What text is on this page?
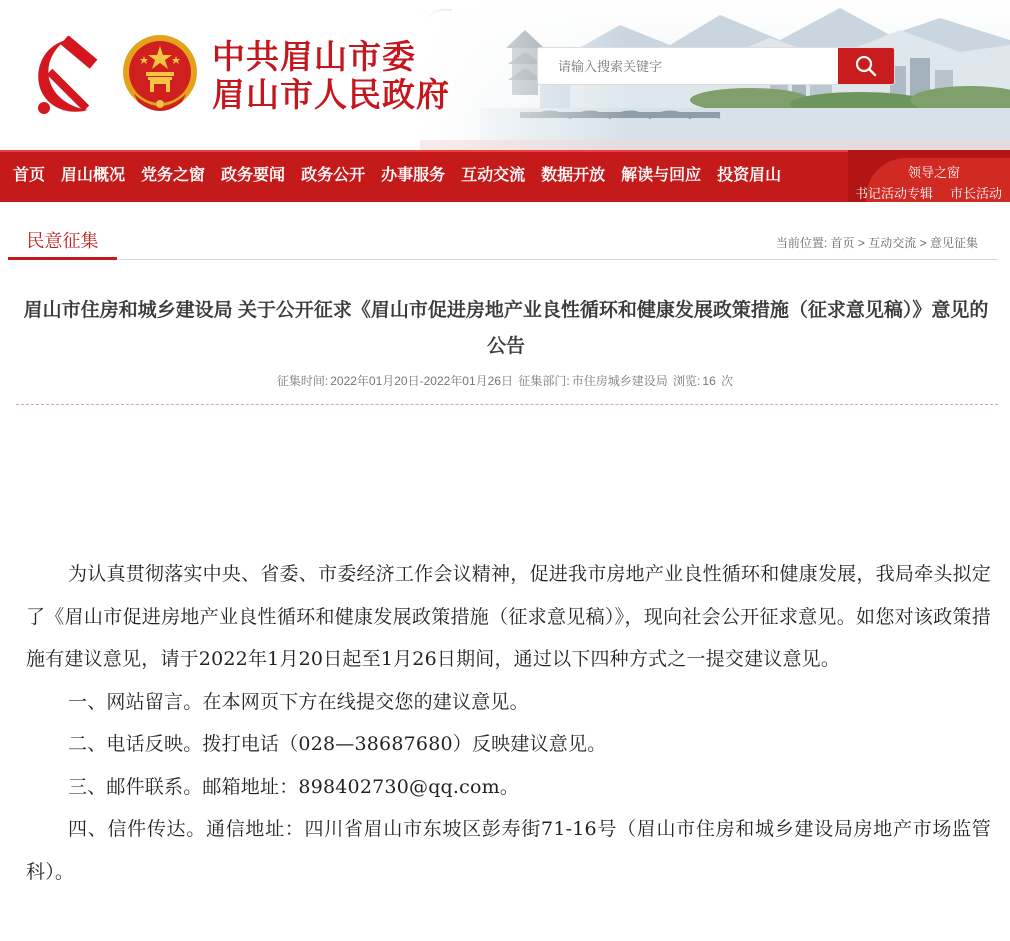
中共眉山市委
眉山市人民政府
请输入搜索关键字
首页	眉山概况	党务之窗	政务要闻	政务公开	办事服务	互动交流	数据开放	解读与回应	投资眉山	领导之窗
书记活动专辑 市长活动
民意征集	当前位置: 首页 > 互动交流 > 意见征集
眉山市住房和城乡建设局 关于公开征求《眉山市促进房地产业良性循环和健康发展政策措施（征求意见稿）》意见的公告
征集时间: 2022年01月20日-2022年01月26日 征集部门: 市住房城乡建设局 浏览: 16 次

为认真贯彻落实中央、省委、市委经济工作会议精神，促进我市房地产业良性循环和健康发展，我局牵头拟定了《眉山市促进房地产业良性循环和健康发展政策措施（征求意见稿）》，现向社会公开征求意见。如您对该政策措施有建议意见，请于2022年1月20日起至1月26日期间，通过以下四种方式之一提交建议意见。

一、网站留言。在本网页下方在线提交您的建议意见。

二、电话反映。拨打电话（028—38687680）反映建议意见。

三、邮件联系。邮箱地址：898402730@qq.com。

四、信件传达。通信地址：四川省眉山市东坡区彭寿街71-16号（眉山市住房和城乡建设局房地产市场监管科）。
